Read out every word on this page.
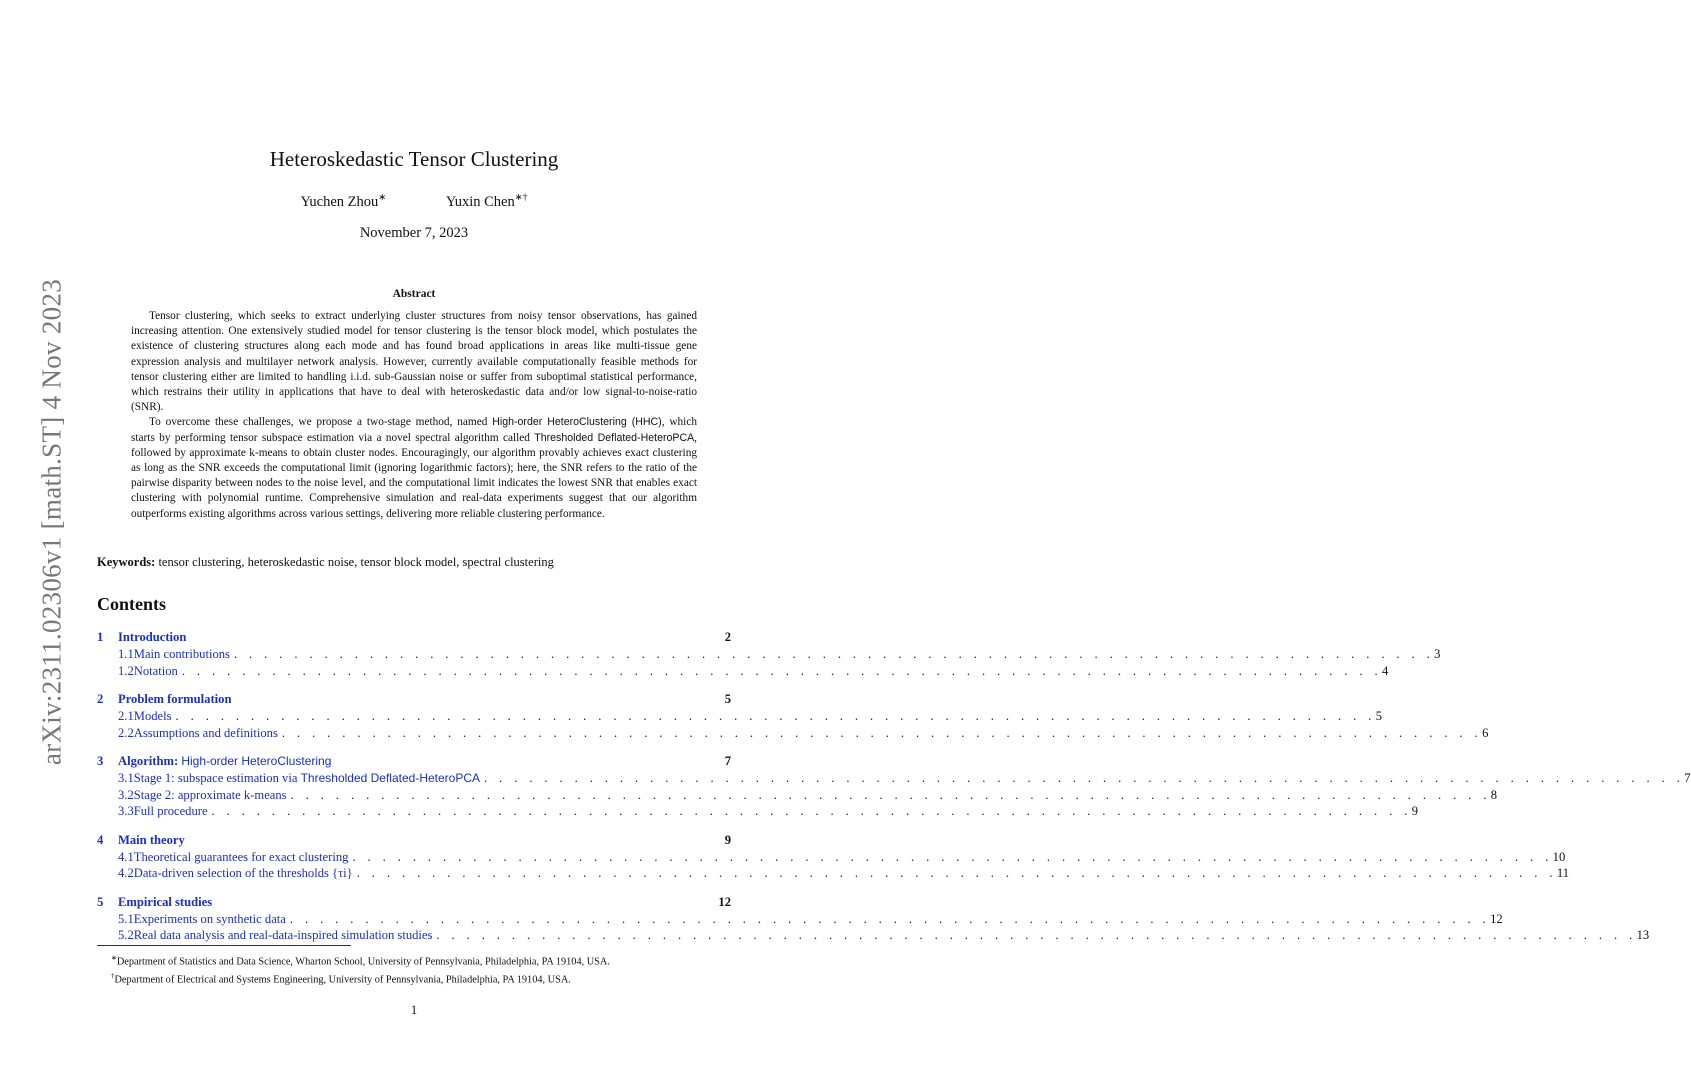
arXiv:2311.02306v1 [math.ST] 4 Nov 2023
Heteroskedastic Tensor Clustering
Yuchen Zhou∗	Yuxin Chen∗†
November 7, 2023
Abstract

Tensor clustering, which seeks to extract underlying cluster structures from noisy tensor observations, has gained increasing attention. One extensively studied model for tensor clustering is the tensor block model, which postulates the existence of clustering structures along each mode and has found broad applications in areas like multi-tissue gene expression analysis and multilayer network analysis. However, currently available computationally feasible methods for tensor clustering either are limited to handling i.i.d. sub-Gaussian noise or suffer from suboptimal statistical performance, which restrains their utility in applications that have to deal with heteroskedastic data and/or low signal-to-noise-ratio (SNR).

To overcome these challenges, we propose a two-stage method, named High-order HeteroClustering (HHC), which starts by performing tensor subspace estimation via a novel spectral algorithm called Thresholded Deflated-HeteroPCA, followed by approximate k-means to obtain cluster nodes. Encouragingly, our algorithm provably achieves exact clustering as long as the SNR exceeds the computational limit (ignoring logarithmic factors); here, the SNR refers to the ratio of the pairwise disparity between nodes to the noise level, and the computational limit indicates the lowest SNR that enables exact clustering with polynomial runtime. Comprehensive simulation and real-data experiments suggest that our algorithm outperforms existing algorithms across various settings, delivering more reliable clustering performance.

Keywords: tensor clustering, heteroskedastic noise, tensor block model, spectral clustering
Contents
1	Introduction	2
1.1 Main contributions . . . . . . . . . . . . . . . . . . . . . . . . . . . . . . . . . . . . . . . . . . . . . . . . . . . . . . . . . . . . . . . . . . . . . . . . . . . . . . . . 3
1.2 Notation . . . . . . . . . . . . . . . . . . . . . . . . . . . . . . . . . . . . . . . . . . . . . . . . . . . . . . . . . . . . . . . . . . . . . . . . . . . . . . . . 4
2	Problem formulation	5
2.1 Models . . . . . . . . . . . . . . . . . . . . . . . . . . . . . . . . . . . . . . . . . . . . . . . . . . . . . . . . . . . . . . . . . . . . . . . . . . . . . . . . 5
2.2 Assumptions and definitions . . . . . . . . . . . . . . . . . . . . . . . . . . . . . . . . . . . . . . . . . . . . . . . . . . . . . . . . . . . . . . . . . . . . . . . . . . . . . . . . 6
3	Algorithm: High-order HeteroClustering	7
3.1 Stage 1: subspace estimation via Thresholded Deflated-HeteroPCA . . . . . . . . . . . . . . . . . . . . . . . . . . . . . . . . . . . . . . . . . . . . . . . . . . . . . . . . . . . . . . . . . . . . . . . . . . . . . . . . 7
3.2 Stage 2: approximate k-means . . . . . . . . . . . . . . . . . . . . . . . . . . . . . . . . . . . . . . . . . . . . . . . . . . . . . . . . . . . . . . . . . . . . . . . . . . . . . . . . 8
3.3 Full procedure . . . . . . . . . . . . . . . . . . . . . . . . . . . . . . . . . . . . . . . . . . . . . . . . . . . . . . . . . . . . . . . . . . . . . . . . . . . . . . . . 9
4	Main theory	9
4.1 Theoretical guarantees for exact clustering . . . . . . . . . . . . . . . . . . . . . . . . . . . . . . . . . . . . . . . . . . . . . . . . . . . . . . . . . . . . . . . . . . . . . . . . . . . . . . . . 10
4.2 Data-driven selection of the thresholds {τi} . . . . . . . . . . . . . . . . . . . . . . . . . . . . . . . . . . . . . . . . . . . . . . . . . . . . . . . . . . . . . . . . . . . . . . . . . . . . . . . . 11
5	Empirical studies	12
5.1 Experiments on synthetic data . . . . . . . . . . . . . . . . . . . . . . . . . . . . . . . . . . . . . . . . . . . . . . . . . . . . . . . . . . . . . . . . . . . . . . . . . . . . . . . . 12
5.2 Real data analysis and real-data-inspired simulation studies . . . . . . . . . . . . . . . . . . . . . . . . . . . . . . . . . . . . . . . . . . . . . . . . . . . . . . . . . . . . . . . . . . . . . . . . . . . . . . . . 13
∗Department of Statistics and Data Science, Wharton School, University of Pennsylvania, Philadelphia, PA 19104, USA.
†Department of Electrical and Systems Engineering, University of Pennsylvania, Philadelphia, PA 19104, USA.
1
